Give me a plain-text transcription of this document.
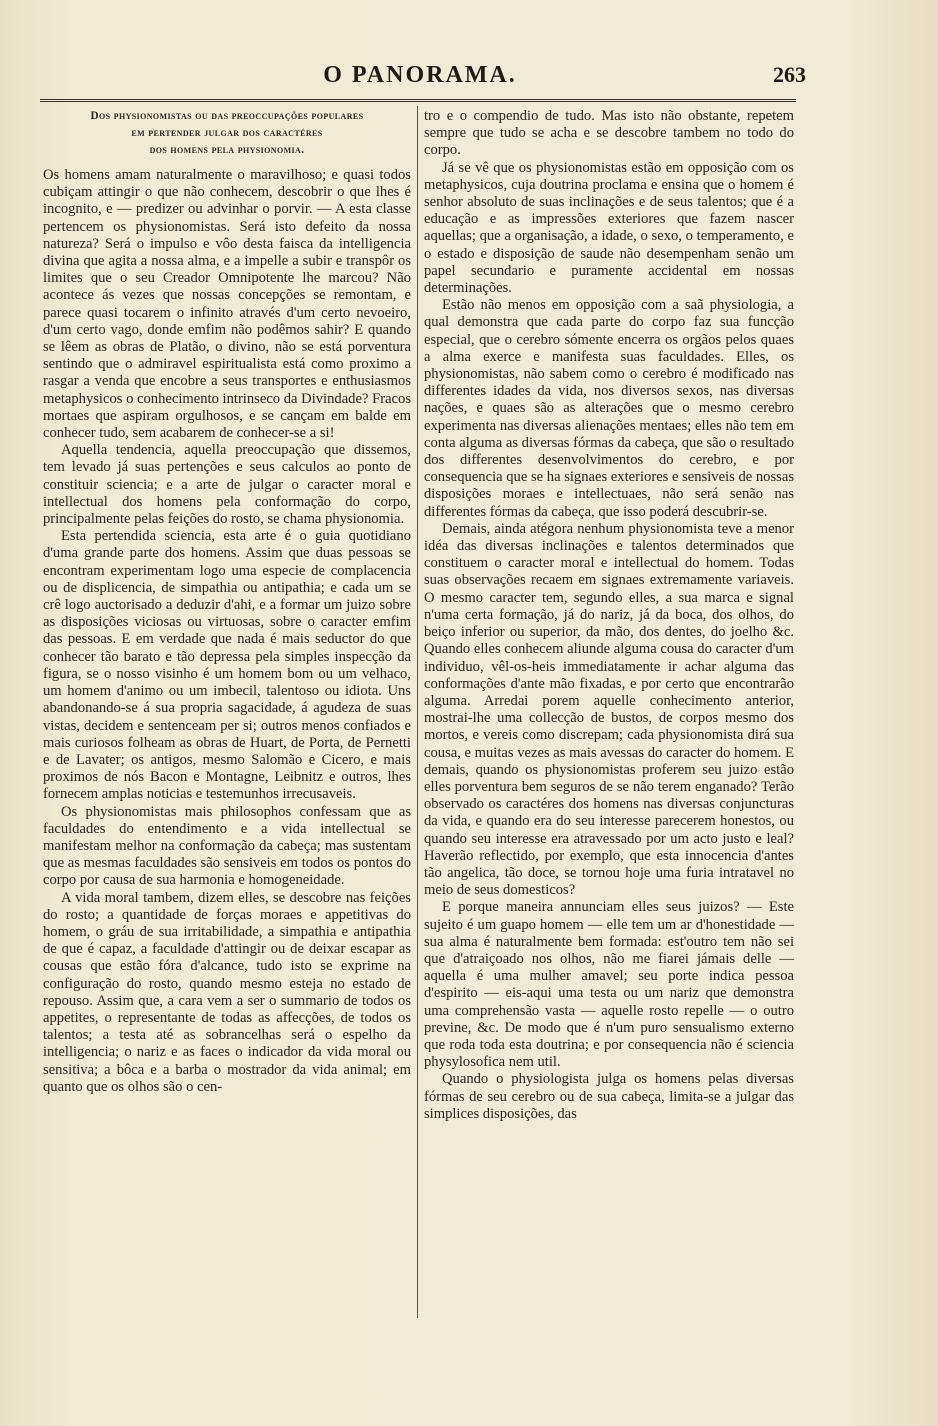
O PANORAMA.	263
Dos physionomistas ou das preoccupações populares
em pertender julgar dos caractéres
dos homens pela physionomia.

Os homens amam naturalmente o maravilhoso; e quasi todos cubiçam attingir o que não conhecem, descobrir o que lhes é incognito, e — predizer ou advinhar o porvir. — A esta classe pertencem os physionomistas. Será isto defeito da nossa natureza? Será o impulso e vôo desta faisca da intelligencia divina que agita a nossa alma, e a impelle a subir e transpôr os limites que o seu Creador Omnipotente lhe marcou? Não acontece ás vezes que nossas concepções se remontam, e parece quasi tocarem o infinito através d'um certo nevoeiro, d'um certo vago, donde emfim não podêmos sahir? E quando se lêem as obras de Platão, o divino, não se está porventura sentindo que o admiravel espiritualista está como proximo a rasgar a venda que encobre a seus transportes e enthusiasmos metaphysicos o conhecimento intrinseco da Divindade? Fracos mortaes que aspiram orgulhosos, e se cançam em balde em conhecer tudo, sem acabarem de conhecer-se a si!

Aquella tendencia, aquella preoccupação que dissemos, tem levado já suas pertenções e seus calculos ao ponto de constituir sciencia; e a arte de julgar o caracter moral e intellectual dos homens pela conformação do corpo, principalmente pelas feições do rosto, se chama physionomia.

Esta pertendida sciencia, esta arte é o guia quotidiano d'uma grande parte dos homens. Assim que duas pessoas se encontram experimentam logo uma especie de complacencia ou de displicencia, de simpathia ou antipathia; e cada um se crê logo auctorisado a deduzir d'ahi, e a formar um juizo sobre as disposições viciosas ou virtuosas, sobre o caracter emfim das pessoas. E em verdade que nada é mais seductor do que conhecer tão barato e tão depressa pela simples inspecção da figura, se o nosso visinho é um homem bom ou um velhaco, um homem d'animo ou um imbecil, talentoso ou idiota. Uns abandonando-se á sua propria sagacidade, á agudeza de suas vistas, decidem e sentenceam per si; outros menos confiados e mais curiosos folheam as obras de Huart, de Porta, de Pernetti e de Lavater; os antigos, mesmo Salomão e Cicero, e mais proximos de nós Bacon e Montagne, Leibnitz e outros, lhes fornecem amplas noticias e testemunhos irrecusaveis.

Os physionomistas mais philosophos confessam que as faculdades do entendimento e a vida intellectual se manifestam melhor na conformação da cabeça; mas sustentam que as mesmas faculdades são sensiveis em todos os pontos do corpo por causa de sua harmonia e homogeneidade.

A vida moral tambem, dizem elles, se descobre nas feições do rosto; a quantidade de forças moraes e appetitivas do homem, o gráu de sua irritabilidade, a simpathia e antipathia de que é capaz, a faculdade d'attingir ou de deixar escapar as cousas que estão fóra d'alcance, tudo isto se exprime na configuração do rosto, quando mesmo esteja no estado de repouso. Assim que, a cara vem a ser o summario de todos os appetites, o representante de todas as affecções, de todos os talentos; a testa até as sobrancelhas será o espelho da intelligencia; o nariz e as faces o indicador da vida moral ou sensitiva; a bôca e a barba o mostrador da vida animal; em quanto que os olhos são o cen-

tro e o compendio de tudo. Mas isto não obstante, repetem sempre que tudo se acha e se descobre tambem no todo do corpo.

Já se vê que os physionomistas estão em opposição com os metaphysicos, cuja doutrina proclama e ensina que o homem é senhor absoluto de suas inclinações e de seus talentos; que é a educação e as impressões exteriores que fazem nascer aquellas; que a organisação, a idade, o sexo, o temperamento, e o estado e disposição de saude não desempenham senão um papel secundario e puramente accidental em nossas determinações.

Estão não menos em opposição com a saã physiologia, a qual demonstra que cada parte do corpo faz sua funcção especial, que o cerebro sómente encerra os orgãos pelos quaes a alma exerce e manifesta suas faculdades. Elles, os physionomistas, não sabem como o cerebro é modificado nas differentes idades da vida, nos diversos sexos, nas diversas nações, e quaes são as alterações que o mesmo cerebro experimenta nas diversas alienações mentaes; elles não tem em conta alguma as diversas fórmas da cabeça, que são o resultado dos differentes desenvolvimentos do cerebro, e por consequencia que se ha signaes exteriores e sensiveis de nossas disposições moraes e intellectuaes, não será senão nas differentes fórmas da cabeça, que isso poderá descubrir-se.

Demais, ainda atégora nenhum physionomista teve a menor idéa das diversas inclinações e talentos determinados que constituem o caracter moral e intellectual do homem. Todas suas observações recaem em signaes extremamente variaveis. O mesmo caracter tem, segundo elles, a sua marca e signal n'uma certa formação, já do nariz, já da boca, dos olhos, do beiço inferior ou superior, da mão, dos dentes, do joelho &c. Quando elles conhecem aliunde alguma cousa do caracter d'um individuo, vêl-os-heis immediatamente ir achar alguma das conformações d'ante mão fixadas, e por certo que encontrarão alguma. Arredai porem aquelle conhecimento anterior, mostrai-lhe uma collecção de bustos, de corpos mesmo dos mortos, e vereis como discrepam; cada physionomista dirá sua cousa, e muitas vezes as mais avessas do caracter do homem. E demais, quando os physionomistas proferem seu juizo estão elles porventura bem seguros de se não terem enganado? Terão observado os caractéres dos homens nas diversas conjuncturas da vida, e quando era do seu interesse parecerem honestos, ou quando seu interesse era atravessado por um acto justo e leal? Haverão reflectido, por exemplo, que esta innocencia d'antes tão angelica, tão doce, se tornou hoje uma furia intratavel no meio de seus domesticos?

E porque maneira annunciam elles seus juizos? — Este sujeito é um guapo homem — elle tem um ar d'honestidade — sua alma é naturalmente bem formada: est'outro tem não sei que d'atraiçoado nos olhos, não me fiarei jámais delle — aquella é uma mulher amavel; seu porte indica pessoa d'espirito — eis-aqui uma testa ou um nariz que demonstra uma comprehensão vasta — aquelle rosto repelle — o outro previne, &c. De modo que é n'um puro sensualismo externo que roda toda esta doutrina; e por consequencia não é sciencia physylosofica nem util.

Quando o physiologista julga os homens pelas diversas fórmas de seu cerebro ou de sua cabeça, limita-se a julgar das simplices disposições, das
